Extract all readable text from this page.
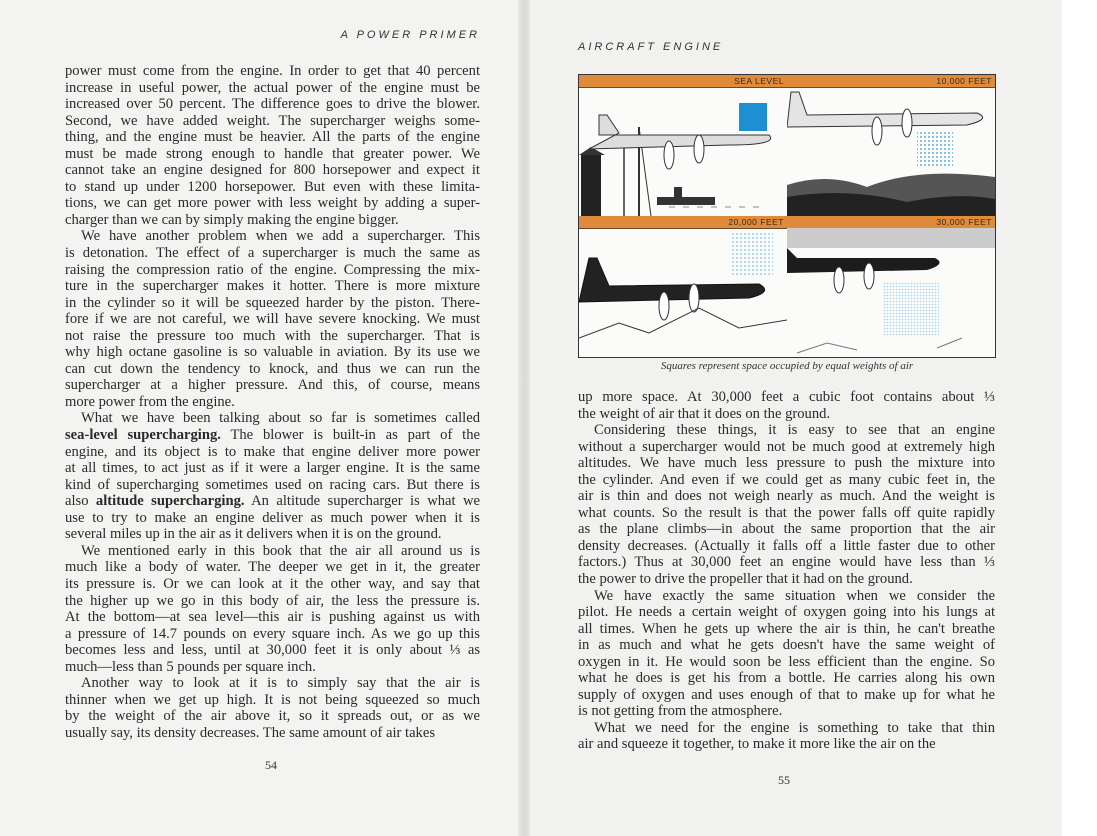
A POWER PRIMER
AIRCRAFT ENGINE
power must come from the engine. In order to get that 40 percent
increase in useful power, the actual power of the engine must be
increased over 50 percent. The difference goes to drive the blower.
Second, we have added weight. The supercharger weighs some-
thing, and the engine must be heavier. All the parts of the engine
must be made strong enough to handle that greater power. We
cannot take an engine designed for 800 horsepower and expect it
to stand up under 1200 horsepower. But even with these limita-
tions, we can get more power with less weight by adding a super-
charger than we can by simply making the engine bigger.
We have another problem when we add a supercharger. This
is detonation. The effect of a supercharger is much the same as
raising the compression ratio of the engine. Compressing the mix-
ture in the supercharger makes it hotter. There is more mixture
in the cylinder so it will be squeezed harder by the piston. There-
fore if we are not careful, we will have severe knocking. We must
not raise the pressure too much with the supercharger. That is
why high octane gasoline is so valuable in aviation. By its use we
can cut down the tendency to knock, and thus we can run the
supercharger at a higher pressure. And this, of course, means
more power from the engine.
What we have been talking about so far is sometimes called
sea-level supercharging. The blower is built-in as part of the
engine, and its object is to make that engine deliver more power
at all times, to act just as if it were a larger engine. It is the same
kind of supercharging sometimes used on racing cars. But there is
also altitude supercharging. An altitude supercharger is what we
use to try to make an engine deliver as much power when it is
several miles up in the air as it delivers when it is on the ground.
We mentioned early in this book that the air all around us is
much like a body of water. The deeper we get in it, the greater
its pressure is. Or we can look at it the other way, and say that
the higher up we go in this body of air, the less the pressure is.
At the bottom—at sea level—this air is pushing against us with
a pressure of 14.7 pounds on every square inch. As we go up this
becomes less and less, until at 30,000 feet it is only about ⅓ as
much—less than 5 pounds per square inch.
Another way to look at it is to simply say that the air is
thinner when we get up high. It is not being squeezed so much
by the weight of the air above it, so it spreads out, or as we
usually say, its density decreases. The same amount of air takes
SEA LEVEL	10,000 FEET
20,000 FEET	30,000 FEET
Squares represent space occupied by equal weights of air
up more space. At 30,000 feet a cubic foot contains about ⅓
the weight of air that it does on the ground.
Considering these things, it is easy to see that an engine
without a supercharger would not be much good at extremely high
altitudes. We have much less pressure to push the mixture into
the cylinder. And even if we could get as many cubic feet in, the
air is thin and does not weigh nearly as much. And the weight is
what counts. So the result is that the power falls off quite rapidly
as the plane climbs—in about the same proportion that the air
density decreases. (Actually it falls off a little faster due to other
factors.) Thus at 30,000 feet an engine would have less than ⅓
the power to drive the propeller that it had on the ground.
We have exactly the same situation when we consider the
pilot. He needs a certain weight of oxygen going into his lungs at
all times. When he gets up where the air is thin, he can't breathe
in as much and what he gets doesn't have the same weight of
oxygen in it. He would soon be less efficient than the engine. So
what he does is get his from a bottle. He carries along his own
supply of oxygen and uses enough of that to make up for what he
is not getting from the atmosphere.
What we need for the engine is something to take that thin
air and squeeze it together, to make it more like the air on the
54
55
